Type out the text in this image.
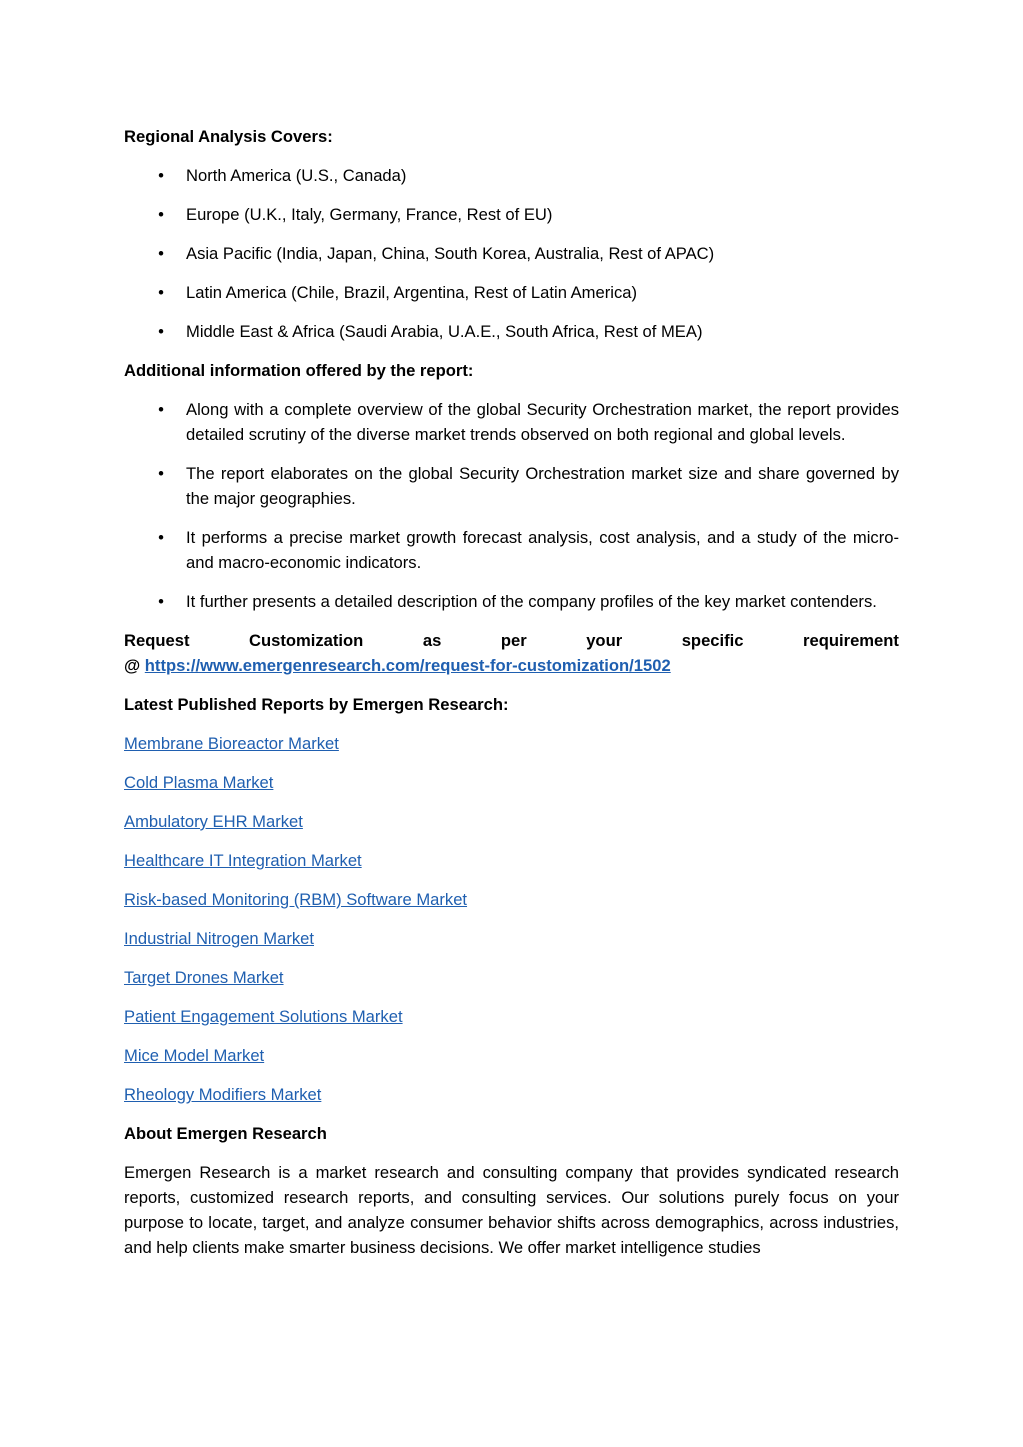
Regional Analysis Covers:

• North America (U.S., Canada)
• Europe (U.K., Italy, Germany, France, Rest of EU)
• Asia Pacific (India, Japan, China, South Korea, Australia, Rest of APAC)
• Latin America (Chile, Brazil, Argentina, Rest of Latin America)
• Middle East & Africa (Saudi Arabia, U.A.E., South Africa, Rest of MEA)

Additional information offered by the report:

• Along with a complete overview of the global Security Orchestration market, the report provides detailed scrutiny of the diverse market trends observed on both regional and global levels.
• The report elaborates on the global Security Orchestration market size and share governed by the major geographies.
• It performs a precise market growth forecast analysis, cost analysis, and a study of the micro- and macro-economic indicators.
• It further presents a detailed description of the company profiles of the key market contenders.
Request	Customization	as	per	your	specific	requirement

@ https://www.emergenresearch.com/request-for-customization/1502

Latest Published Reports by Emergen Research:

Membrane Bioreactor Market

Cold Plasma Market

Ambulatory EHR Market

Healthcare IT Integration Market

Risk-based Monitoring (RBM) Software Market

Industrial Nitrogen Market

Target Drones Market

Patient Engagement Solutions Market

Mice Model Market

Rheology Modifiers Market

About Emergen Research

Emergen Research is a market research and consulting company that provides syndicated research reports, customized research reports, and consulting services. Our solutions purely focus on your purpose to locate, target, and analyze consumer behavior shifts across demographics, across industries, and help clients make smarter business decisions. We offer market intelligence studies
